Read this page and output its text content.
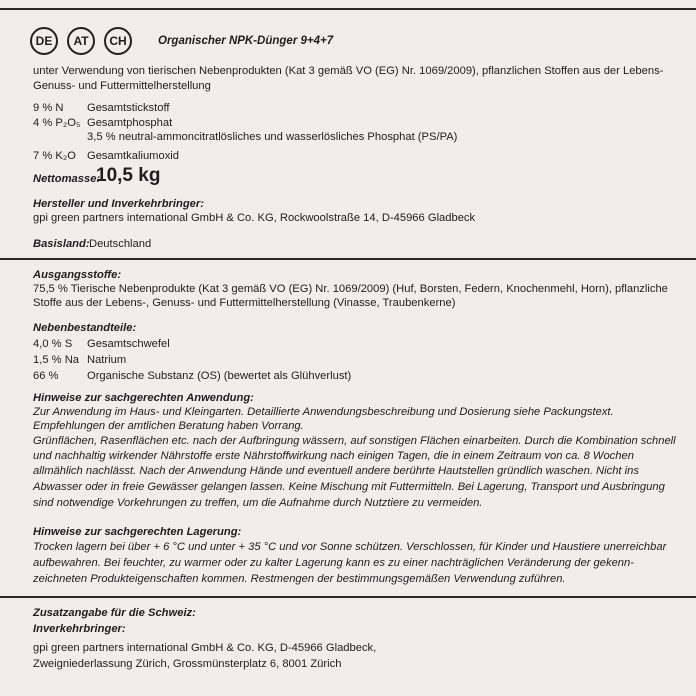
DE	AT	CH	Organischer NPK-Dünger 9+4+7
unter Verwendung von tierischen Nebenprodukten (Kat 3 gemäß VO (EG) Nr. 1069/2009), pflanzlichen Stoffen aus der Lebens-
Genuss- und Futtermittelherstellung
9 % N Gesamtstickstoff
4 % P₂O₅ Gesamtphosphat
3,5 % neutral-ammoncitratlösliches und wasserlösliches Phosphat (PS/PA)
7 % K₂O Gesamtkaliumoxid
Nettomasse:
10,5 kg
Hersteller und Inverkehrbringer:
gpi green partners international GmbH & Co. KG, Rockwoolstraße 14, D-45966 Gladbeck
Basisland: Deutschland
Ausgangsstoffe:
75,5 % Tierische Nebenprodukte (Kat 3 gemäß VO (EG) Nr. 1069/2009) (Huf, Borsten, Federn, Knochenmehl, Horn), pflanzliche
Stoffe aus der Lebens-, Genuss- und Futtermittelherstellung (Vinasse, Traubenkerne)
Nebenbestandteile:
4,0 % S Gesamtschwefel
1,5 % Na Natrium
66 %	Organische Substanz (OS) (bewertet als Glühverlust)
Hinweise zur sachgerechten Anwendung:
Zur Anwendung im Haus- und Kleingarten. Detaillierte Anwendungsbeschreibung und Dosierung siehe Packungstext.
Empfehlungen der amtlichen Beratung haben Vorrang.
Grünflächen, Rasenflächen etc. nach der Aufbringung wässern, auf sonstigen Flächen einarbeiten. Durch die Kombination schnell
und nachhaltig wirkender Nährstoffe erste Nährstoffwirkung nach einigen Tagen, die in einem Zeitraum von ca. 8 Wochen
allmählich nachlässt. Nach der Anwendung Hände und eventuell andere berührte Hautstellen gründlich waschen. Nicht ins
Abwasser oder in freie Gewässer gelangen lassen. Keine Mischung mit Futtermitteln. Bei Lagerung, Transport und Ausbringung
sind notwendige Vorkehrungen zu treffen, um die Aufnahme durch Nutztiere zu vermeiden.
Hinweise zur sachgerechten Lagerung:
Trocken lagern bei über + 6 °C und unter + 35 °C und vor Sonne schützen. Verschlossen, für Kinder und Haustiere unerreichbar
aufbewahren. Bei feuchter, zu warmer oder zu kalter Lagerung kann es zu einer nachträglichen Veränderung der gekenn-
zeichneten Produkteigenschaften kommen. Restmengen der bestimmungsgemäßen Verwendung zuführen.
Zusatzangabe für die Schweiz:
Inverkehrbringer:
gpi green partners international GmbH & Co. KG, D-45966 Gladbeck,
Zweigniederlassung Zürich, Grossmünsterplatz 6, 8001 Zürich
